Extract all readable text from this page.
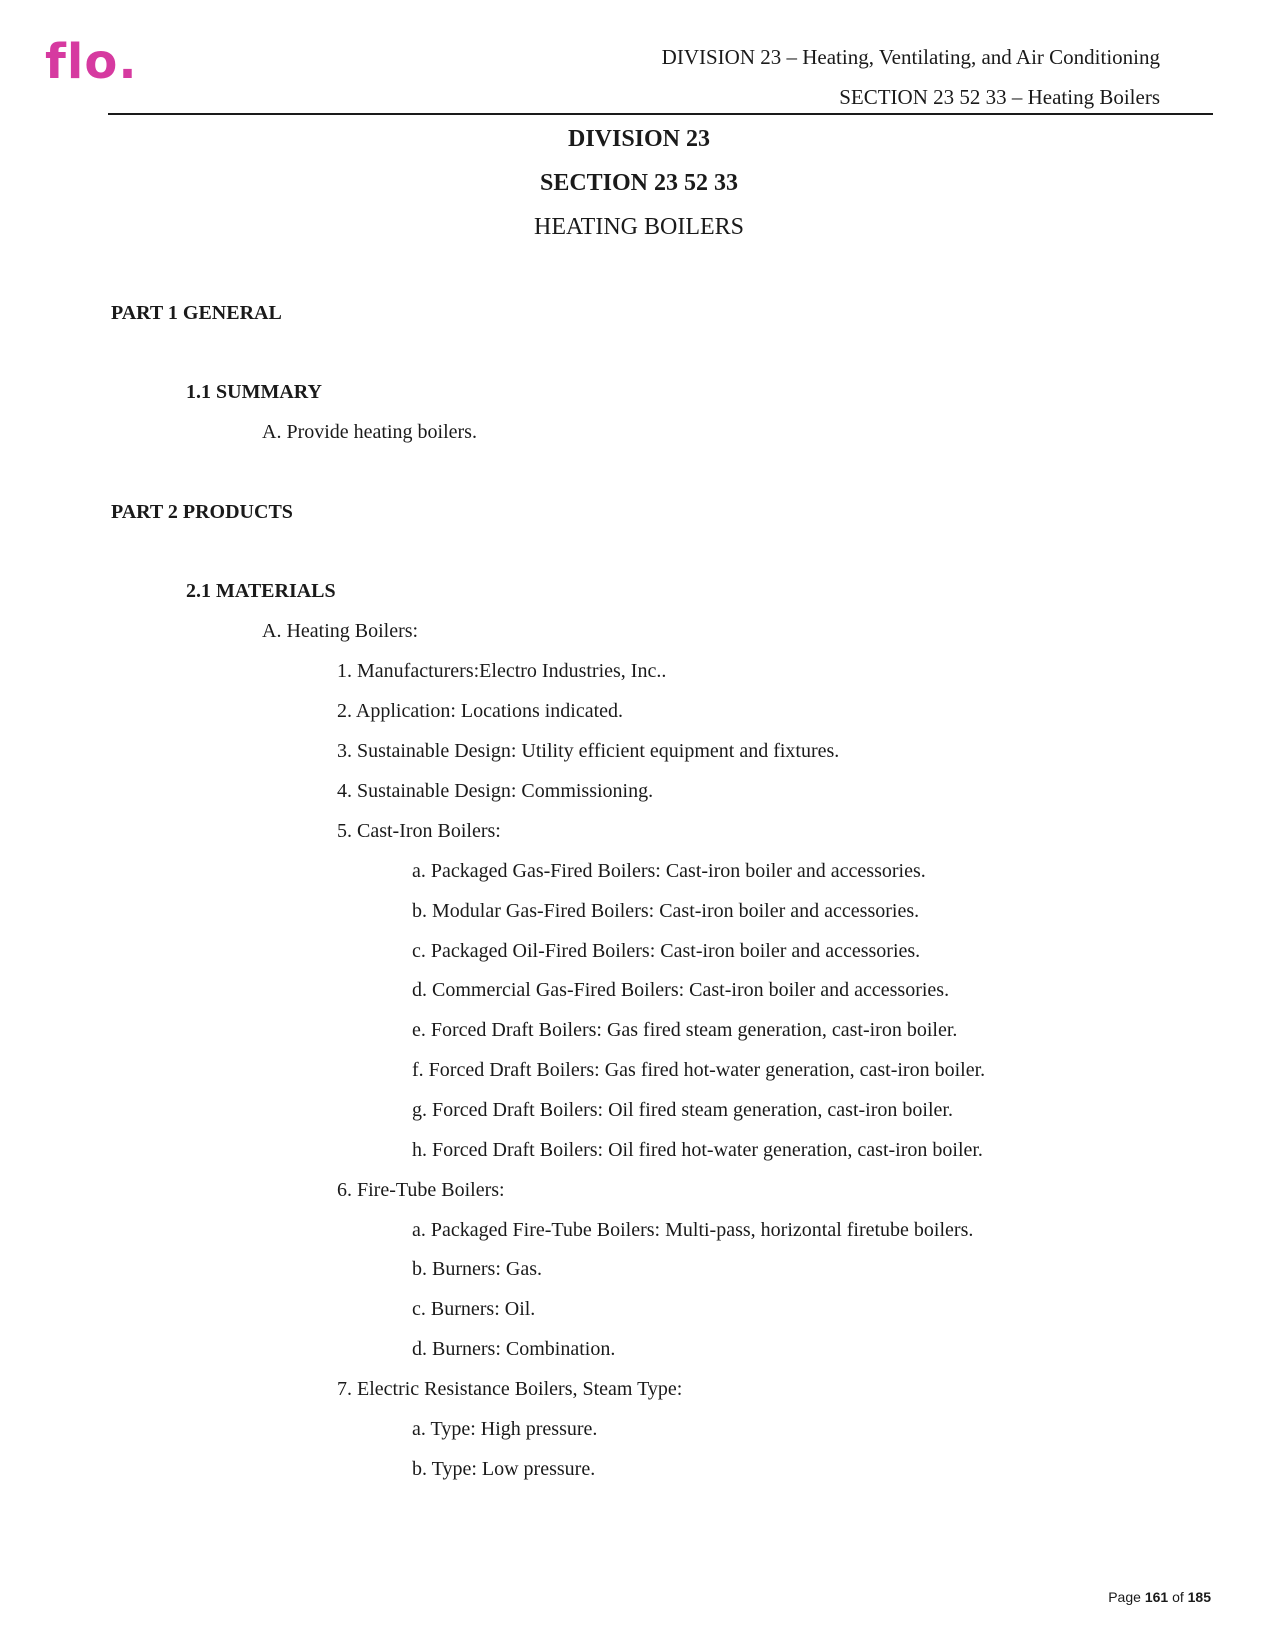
flo.	DIVISION 23 – Heating, Ventilating, and Air Conditioning
SECTION 23 52 33 – Heating Boilers
DIVISION 23
SECTION 23 52 33
HEATING BOILERS
PART 1 GENERAL
1.1 SUMMARY
A. Provide heating boilers.
PART 2 PRODUCTS
2.1 MATERIALS
A. Heating Boilers:
1. Manufacturers:Electro Industries, Inc..
2. Application: Locations indicated.
3. Sustainable Design: Utility efficient equipment and fixtures.
4. Sustainable Design: Commissioning.
5. Cast-Iron Boilers:
a. Packaged Gas-Fired Boilers: Cast-iron boiler and accessories.
b. Modular Gas-Fired Boilers: Cast-iron boiler and accessories.
c. Packaged Oil-Fired Boilers: Cast-iron boiler and accessories.
d. Commercial Gas-Fired Boilers: Cast-iron boiler and accessories.
e. Forced Draft Boilers: Gas fired steam generation, cast-iron boiler.
f. Forced Draft Boilers: Gas fired hot-water generation, cast-iron boiler.
g. Forced Draft Boilers: Oil fired steam generation, cast-iron boiler.
h. Forced Draft Boilers: Oil fired hot-water generation, cast-iron boiler.
6. Fire-Tube Boilers:
a. Packaged Fire-Tube Boilers: Multi-pass, horizontal firetube boilers.
b. Burners: Gas.
c. Burners: Oil.
d. Burners: Combination.
7. Electric Resistance Boilers, Steam Type:
a. Type: High pressure.
b. Type: Low pressure.
Page 161 of 185
